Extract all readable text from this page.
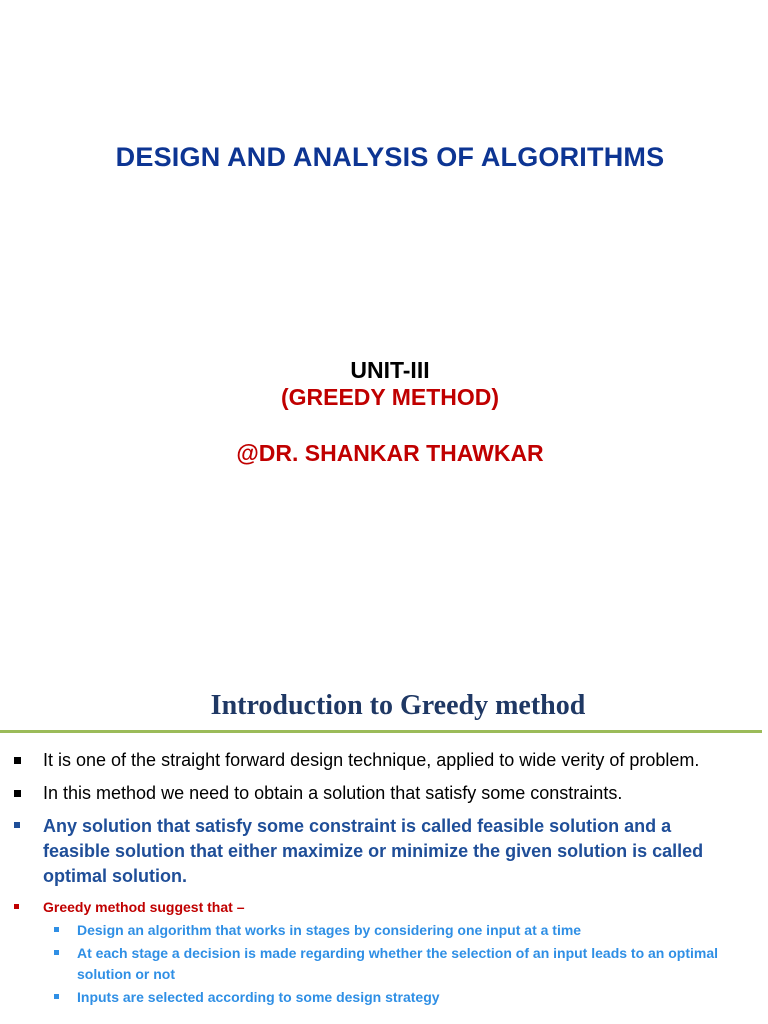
DESIGN AND ANALYSIS OF ALGORITHMS
UNIT-III
(GREEDY METHOD)
@DR. SHANKAR THAWKAR
Introduction to Greedy method
It is one of the straight forward design technique, applied to wide verity of problem.
In this method we need to obtain a solution that satisfy some constraints.
Any solution that satisfy some constraint is called feasible solution and a feasible solution that either maximize or minimize the given solution is called optimal solution.
Greedy method suggest that –
Design an algorithm that works in stages by considering one input at a time
At each stage a decision is made regarding whether the selection of an input leads to an optimal solution or not
Inputs are selected according to some design strategy
